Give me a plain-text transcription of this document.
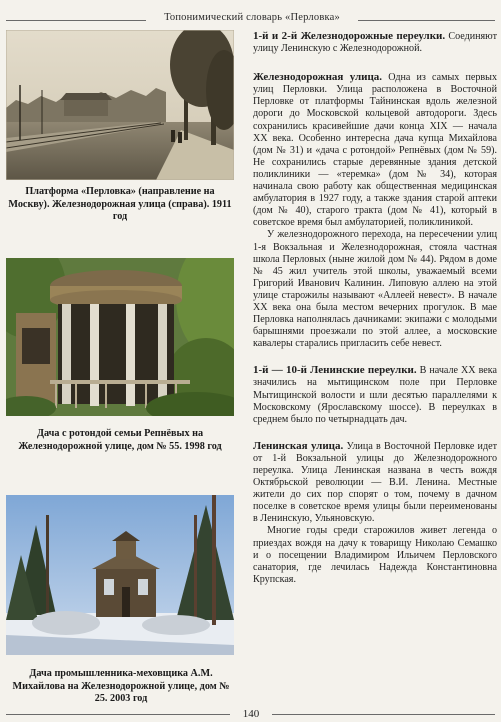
Топонимический словарь «Перловка»
Платформа «Перловка» (направление на Москву). Железнодорожная улица (справа). 1911 год
Дача с ротондой семьи Репнёвых на Железнодорожной улице, дом № 55. 1998 год
Дача промышленника-меховщика А.М. Михайлова на Железнодорожной улице, дом № 25. 2003 год

1-й и 2-й Железнодорожные переулки. Соединяют улицу Ленинскую с Железнодорожной.

Железнодорожная улица. Одна из самых первых улиц Перловки. Улица расположена в Восточной Перловке от платформы Тайнинская вдоль железной дороги до Московской кольцевой автодороги. Здесь сохранились красивейшие дачи конца XIX — начала XX века. Особенно интересна дача купца Михайлова (дом № 31) и «дача с ротондой» Репнёвых (дом № 59). Не сохранились старые деревянные здания детской поликлиники — «теремка» (дом № 34), которая начинала свою работу как общественная медицинская амбулатория в 1927 году, а также здания старой аптеки (дом № 40), старого тракта (дом № 41), который в советское время был амбулаторией, поликлиникой.

У железнодорожного перехода, на пересечении улиц 1-я Вокзальная и Железнодорожная, стояла частная школа Перловых (ныне жилой дом № 44). Рядом в доме № 45 жил учитель этой школы, уважаемый всеми Григорий Иванович Калинин. Липовую аллею на этой улице старожилы называют «Аллеей невест». В начале XX века она была местом вечерних прогулок. В мае Перловка наполнялась дачниками: экипажи с молодыми барышнями проезжали по этой аллее, а московские кавалеры старались пригласить себе невест.

1-й — 10-й Ленинские переулки. В начале XX века значились на мытищинском поле при Перловке Мытищинской волости и шли десятью параллелями к Московскому (Ярославскому шоссе). В переулках в среднем было по четырнадцать дач.

Ленинская улица. Улица в Восточной Перловке идет от 1-й Вокзальной улицы до Железнодорожного переулка. Улица Ленинская названа в честь вождя Октябрьской революции — В.И. Ленина. Местные жители до сих пор спорят о том, почему в дачном поселке в советское время улицы были переименованы в Ленинскую, Ульяновскую.

Многие годы среди старожилов живет легенда о приездах вождя на дачу к товарищу Николаю Семашко и о посещении Владимиром Ильичем Перловского санатория, где лечилась Надежда Константиновна Крупская.

140
